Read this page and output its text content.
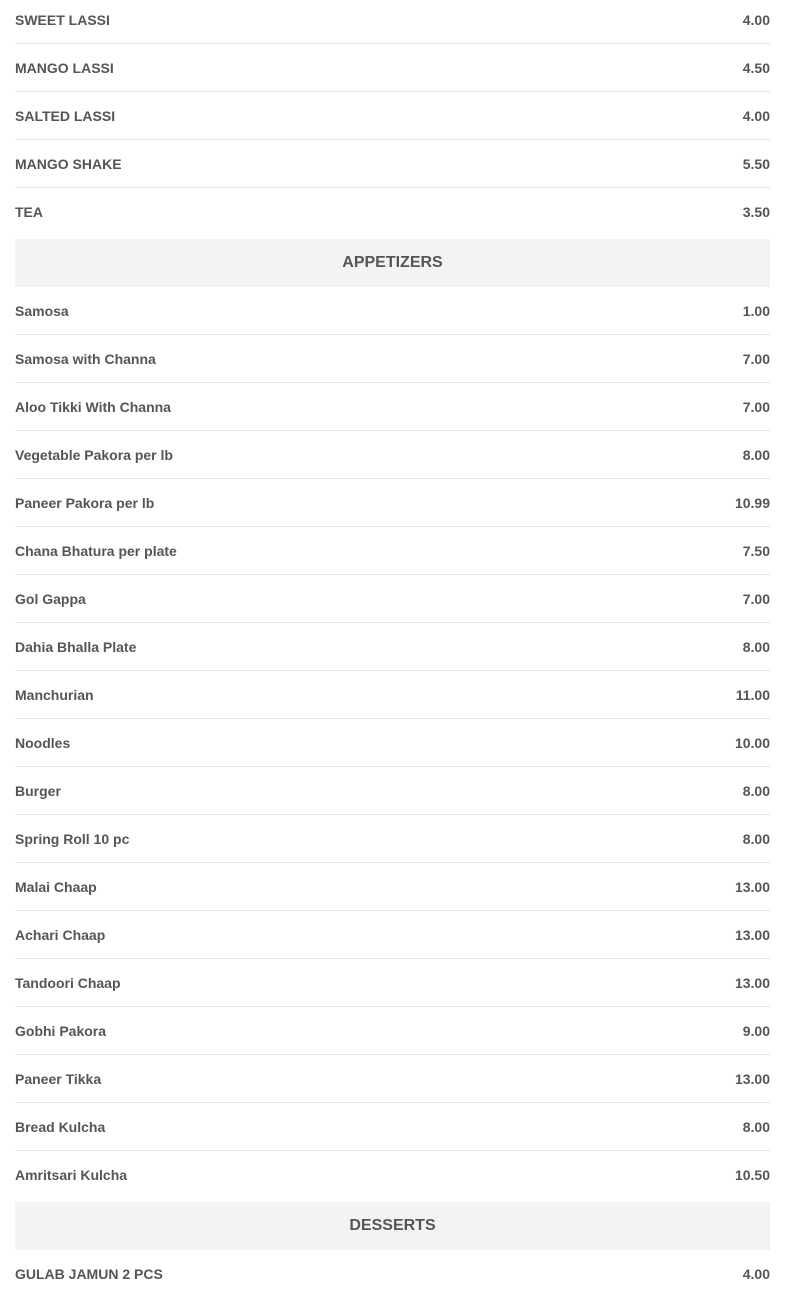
SWEET LASSI	4.00
MANGO LASSI	4.50
SALTED LASSI	4.00
MANGO SHAKE	5.50
TEA	3.50
APPETIZERS
Samosa	1.00
Samosa with Channa	7.00
Aloo Tikki With Channa	7.00
Vegetable Pakora per lb	8.00
Paneer Pakora per lb	10.99
Chana Bhatura per plate	7.50
Gol Gappa	7.00
Dahia Bhalla Plate	8.00
Manchurian	11.00
Noodles	10.00
Burger	8.00
Spring Roll 10 pc	8.00
Malai Chaap	13.00
Achari Chaap	13.00
Tandoori Chaap	13.00
Gobhi Pakora	9.00
Paneer Tikka	13.00
Bread Kulcha	8.00
Amritsari Kulcha	10.50
DESSERTS
GULAB JAMUN 2 PCS	4.00
